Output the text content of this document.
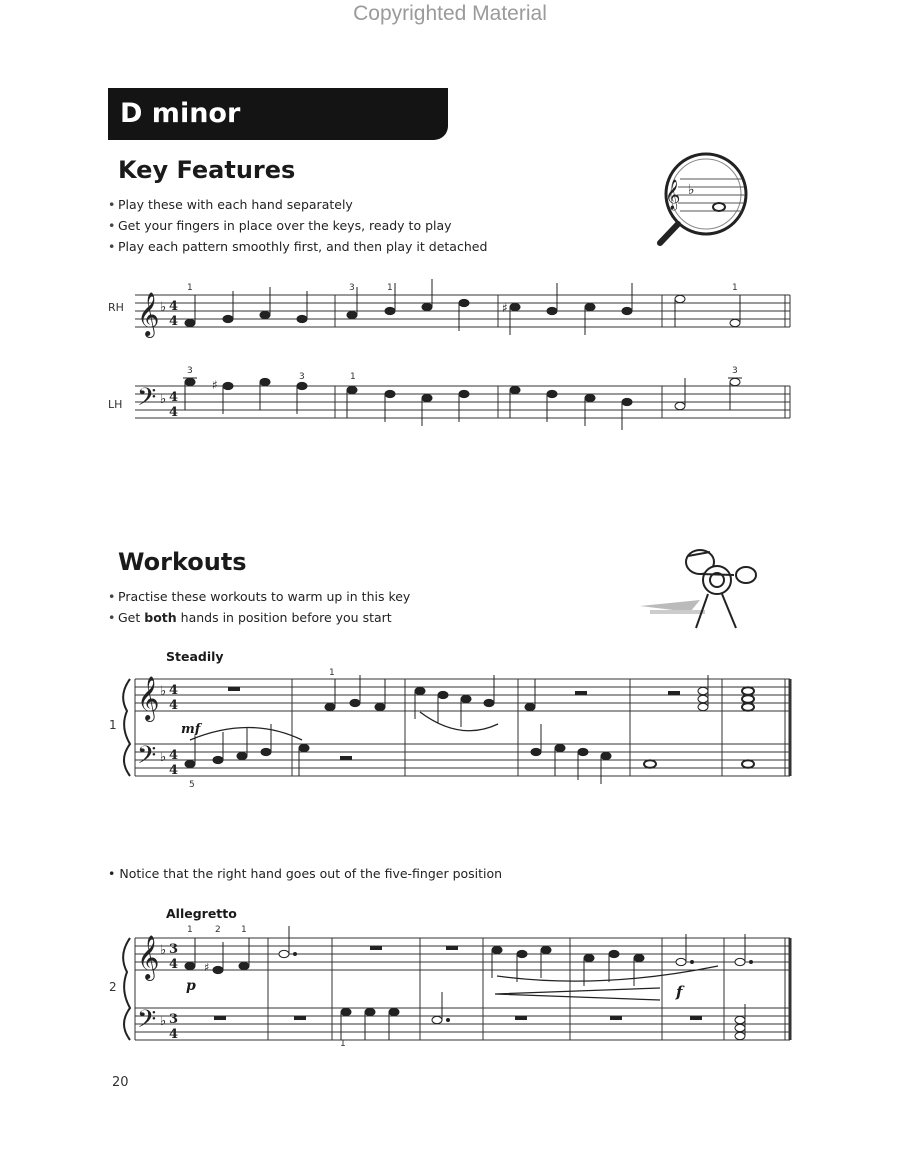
Copyrighted Material
D minor
Key Features
• Play these with each hand separately
• Get your fingers in place over the keys, ready to play
• Play each pattern smoothly first, and then play it detached
RH
LH
Workouts
• Practise these workouts to warm up in this key
• Get both hands in position before you start
Steadily
1	mf
• Notice that the right hand goes out of the five-finger position
Allegretto
2	p	f
20
1	3	1	1
3
3	1
3
1
5
1 2 1
1
♭
𝄞
𝄞 ♭ 4
4
♯
𝄢 ♭ 4
4
♯
𝄞 ♭ 4
4
𝄢 ♭ 4
4
𝄞 ♭ 3
4
𝄢 ♭ 3
4
♯
